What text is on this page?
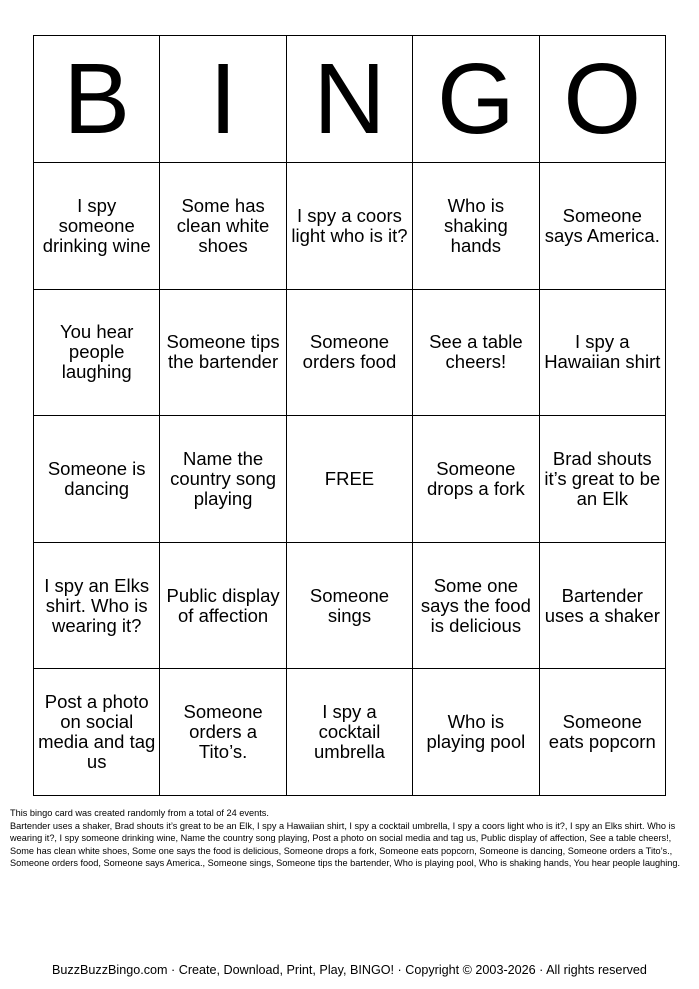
B	I	N	G	O
I spy someone drinking wine	Some has clean white shoes	I spy a coors light who is it?	Who is shaking hands	Someone says America.
You hear people laughing	Someone tips the bartender	Someone orders food	See a table cheers!	I spy a Hawaiian shirt
Someone is dancing	Name the country song playing	FREE	Someone drops a fork	Brad shouts it’s great to be an Elk
I spy an Elks shirt. Who is wearing it?	Public display of affection	Someone sings	Some one says the food is delicious	Bartender uses a shaker
Post a photo on social media and tag us	Someone orders a Tito’s.	I spy a cocktail umbrella	Who is playing pool	Someone eats popcorn

This bingo card was created randomly from a total of 24 events.

Bartender uses a shaker, Brad shouts it’s great to be an Elk, I spy a Hawaiian shirt, I spy a cocktail umbrella, I spy a coors light who is it?, I spy an Elks shirt. Who is wearing it?, I spy someone drinking wine, Name the country song playing, Post a photo on social media and tag us, Public display of affection, See a table cheers!, Some has clean white shoes, Some one says the food is delicious, Someone drops a fork, Someone eats popcorn, Someone is dancing, Someone orders a Tito’s., Someone orders food, Someone says America., Someone sings, Someone tips the bartender, Who is playing pool, Who is shaking hands, You hear people laughing.

BuzzBuzzBingo.com · Create, Download, Print, Play, BINGO! · Copyright © 2003-2026 · All rights reserved
